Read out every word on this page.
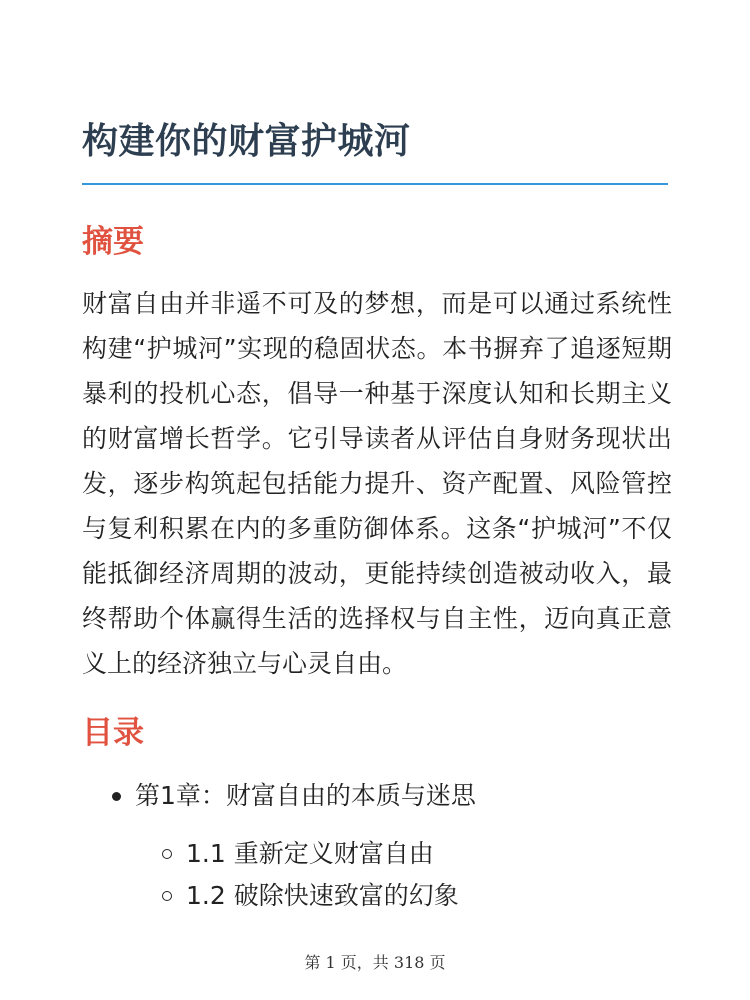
构建你的财富护城河
摘要

财富自由并非遥不可及的梦想，而是可以通过系统性构建“护城河”实现的稳固状态。本书摒弃了追逐短期暴利的投机心态，倡导一种基于深度认知和长期主义的财富增长哲学。它引导读者从评估自身财务现状出发，逐步构筑起包括能力提升、资产配置、风险管控与复利积累在内的多重防御体系。这条“护城河”不仅能抵御经济周期的波动，更能持续创造被动收入，最终帮助个体赢得生活的选择权与自主性，迈向真正意义上的经济独立与心灵自由。

目录
第1章：财富自由的本质与迷思
1.1 重新定义财富自由
1.2 破除快速致富的幻象
第 1 页，共 318 页
